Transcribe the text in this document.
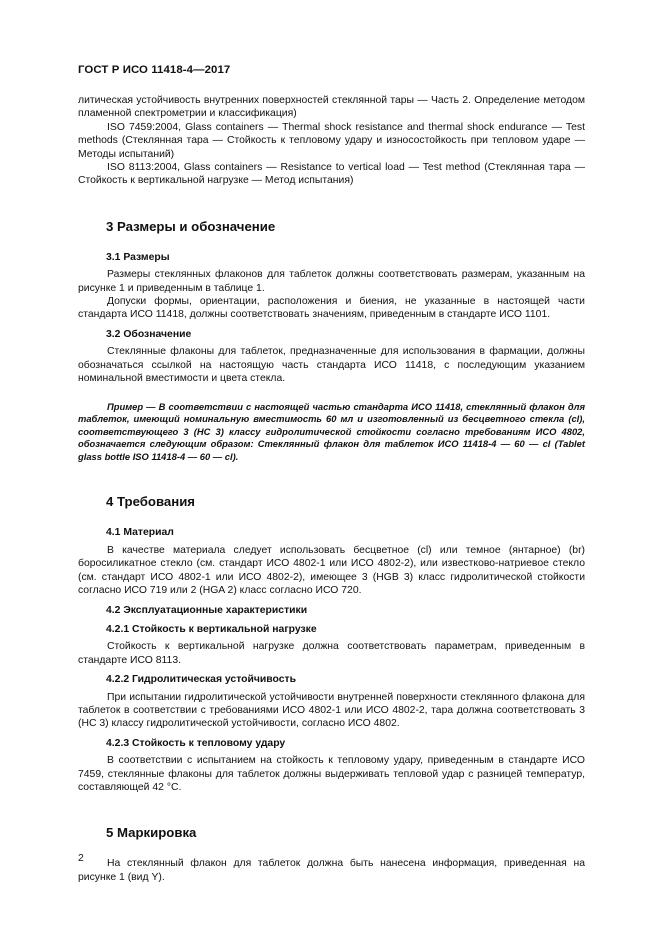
ГОСТ Р ИСО 11418-4—2017

литическая устойчивость внутренних поверхностей стеклянной тары — Часть 2. Определение методом пламенной спектрометрии и классификация)

ISO 7459:2004, Glass containers — Thermal shock resistance and thermal shock endurance — Test methods (Стеклянная тара — Стойкость к тепловому удару и износостойкость при тепловом ударе — Методы испытаний)

ISO 8113:2004, Glass containers — Resistance to vertical load — Test method (Стеклянная тара — Стойкость к вертикальной нагрузке — Метод испытания)

3 Размеры и обозначение
3.1 Размеры

Размеры стеклянных флаконов для таблеток должны соответствовать размерам, указанным на рисунке 1 и приведенным в таблице 1.

Допуски формы, ориентации, расположения и биения, не указанные в настоящей части стандарта ИСО 11418, должны соответствовать значениям, приведенным в стандарте ИСО 1101.

3.2 Обозначение

Стеклянные флаконы для таблеток, предназначенные для использования в фармации, должны обозначаться ссылкой на настоящую часть стандарта ИСО 11418, с последующим указанием номинальной вместимости и цвета стекла.

Пример — В соответствии с настоящей частью стандарта ИСО 11418, стеклянный флакон для таблеток, имеющий номинальную вместимость 60 мл и изготовленный из бесцветного стекла (cl), соответствующего 3 (HC 3) классу гидролитической стойкости согласно требованиям ИСО 4802, обозначается следующим образом: Стеклянный флакон для таблеток ИСО 11418-4 — 60 — cl (Tablet glass bottle ISO 11418-4 — 60 — cl).

4 Требования
4.1 Материал

В качестве материала следует использовать бесцветное (cl) или темное (янтарное) (br) боросиликатное стекло (см. стандарт ИСО 4802-1 или ИСО 4802-2), или известково-натриевое стекло (см. стандарт ИСО 4802-1 или ИСО 4802-2), имеющее 3 (HGB 3) класс гидролитической стойкости согласно ИСО 719 или 2 (HGA 2) класс согласно ИСО 720.

4.2 Эксплуатационные характеристики
4.2.1 Стойкость к вертикальной нагрузке

Стойкость к вертикальной нагрузке должна соответствовать параметрам, приведенным в стандарте ИСО 8113.

4.2.2 Гидролитическая устойчивость

При испытании гидролитической устойчивости внутренней поверхности стеклянного флакона для таблеток в соответствии с требованиями ИСО 4802-1 или ИСО 4802-2, тара должна соответствовать 3 (HC 3) классу гидролитической устойчивости, согласно ИСО 4802.

4.2.3 Стойкость к тепловому удару

В соответствии с испытанием на стойкость к тепловому удару, приведенным в стандарте ИСО 7459, стеклянные флаконы для таблеток должны выдерживать тепловой удар с разницей температур, составляющей 42 °С.

5 Маркировка

На стеклянный флакон для таблеток должна быть нанесена информация, приведенная на рисунке 1 (вид Y).

2
